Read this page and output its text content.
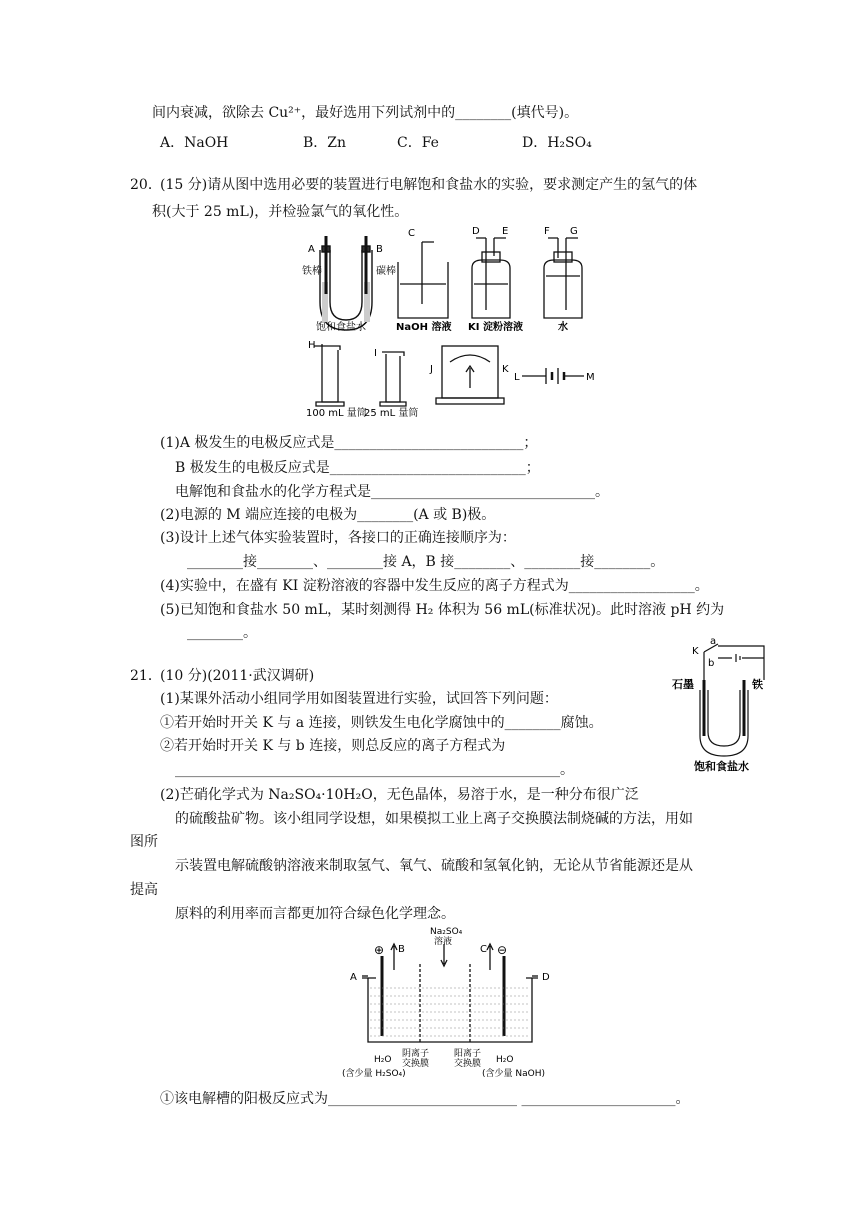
间内衰减，欲除去 Cu²⁺，最好选用下列试剂中的________(填代号)。
A．NaOH	B．Zn	C．Fe	D．H₂SO₄
20．
(15 分)请从图中选用必要的装置进行电解饱和食盐水的实验，要求测定产生的氢气的体
积(大于 25 mL)，并检验氯气的氧化性。
A	B
铁棒	碳棒
饱和食盐水
C
NaOH 溶液
D E
KI 淀粉溶液
F G
水
H
100 mL 量筒
I
25 mL 量筒
J	K
L	M
(1)A 极发生的电极反应式是___________________________；
B 极发生的电极反应式是____________________________；
电解饱和食盐水的化学方程式是________________________________。
(2)电源的 M 端应连接的电极为________(A 或 B)极。
(3)设计上述气体实验装置时，各接口的正确连接顺序为：
________接________、________接 A，B 接________、________接________。
(4)实验中，在盛有 KI 淀粉溶液的容器中发生反应的离子方程式为__________________。
(5)已知饱和食盐水 50 mL，某时刻测得 H₂ 体积为 56 mL(标准状况)。此时溶液 pH 约为
________。
21．
(10 分)(2011·武汉调研)
(1)某课外活动小组同学用如图装置进行实验，试回答下列问题：
①若开始时开关 K 与 a 连接，则铁发生电化学腐蚀中的________腐蚀。
②若开始时开关 K 与 b 连接，则总反应的离子方程式为
_______________________________________________________。
(2)芒硝化学式为 Na₂SO₄·10H₂O，无色晶体，易溶于水，是一种分布很广泛
的硫酸盐矿物。该小组同学设想，如果模拟工业上离子交换膜法制烧碱的方法，用如
图所
示装置电解硫酸钠溶液来制取氢气、氧气、硫酸和氢氧化钠，无论从节省能源还是从
提高
原料的利用率而言都更加符合绿色化学理念。
a
K
b
石墨	铁
饱和食盐水
Na₂SO₄
溶液
A
B	C
D
⊕	⊖
阴离子
交换膜
阳离子
交换膜
H₂O	H₂O
(含少量 H₂SO₄)	(含少量 NaOH)
①该电解槽的阳极反应式为___________________________ ______________________。
